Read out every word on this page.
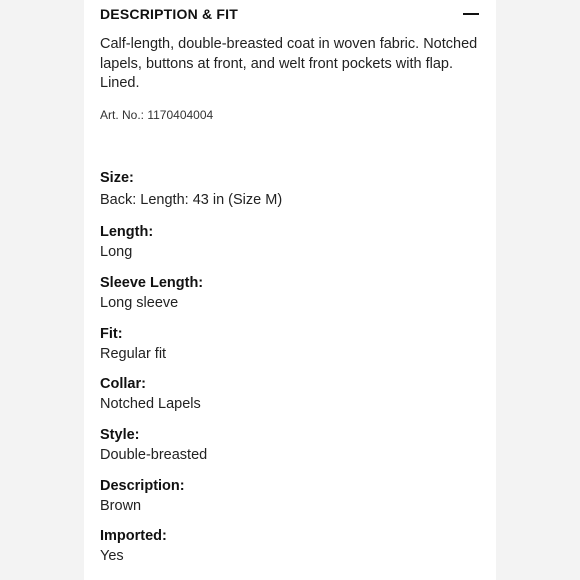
DESCRIPTION & FIT
Calf-length, double-breasted coat in woven fabric. Notched lapels, buttons at front, and welt front pockets with flap. Lined.
Art. No.: 1170404004
Size:
Back: Length: 43 in (Size M)
Length:
Long
Sleeve Length:
Long sleeve
Fit:
Regular fit
Collar:
Notched Lapels
Style:
Double-breasted
Description:
Brown
Imported:
Yes
